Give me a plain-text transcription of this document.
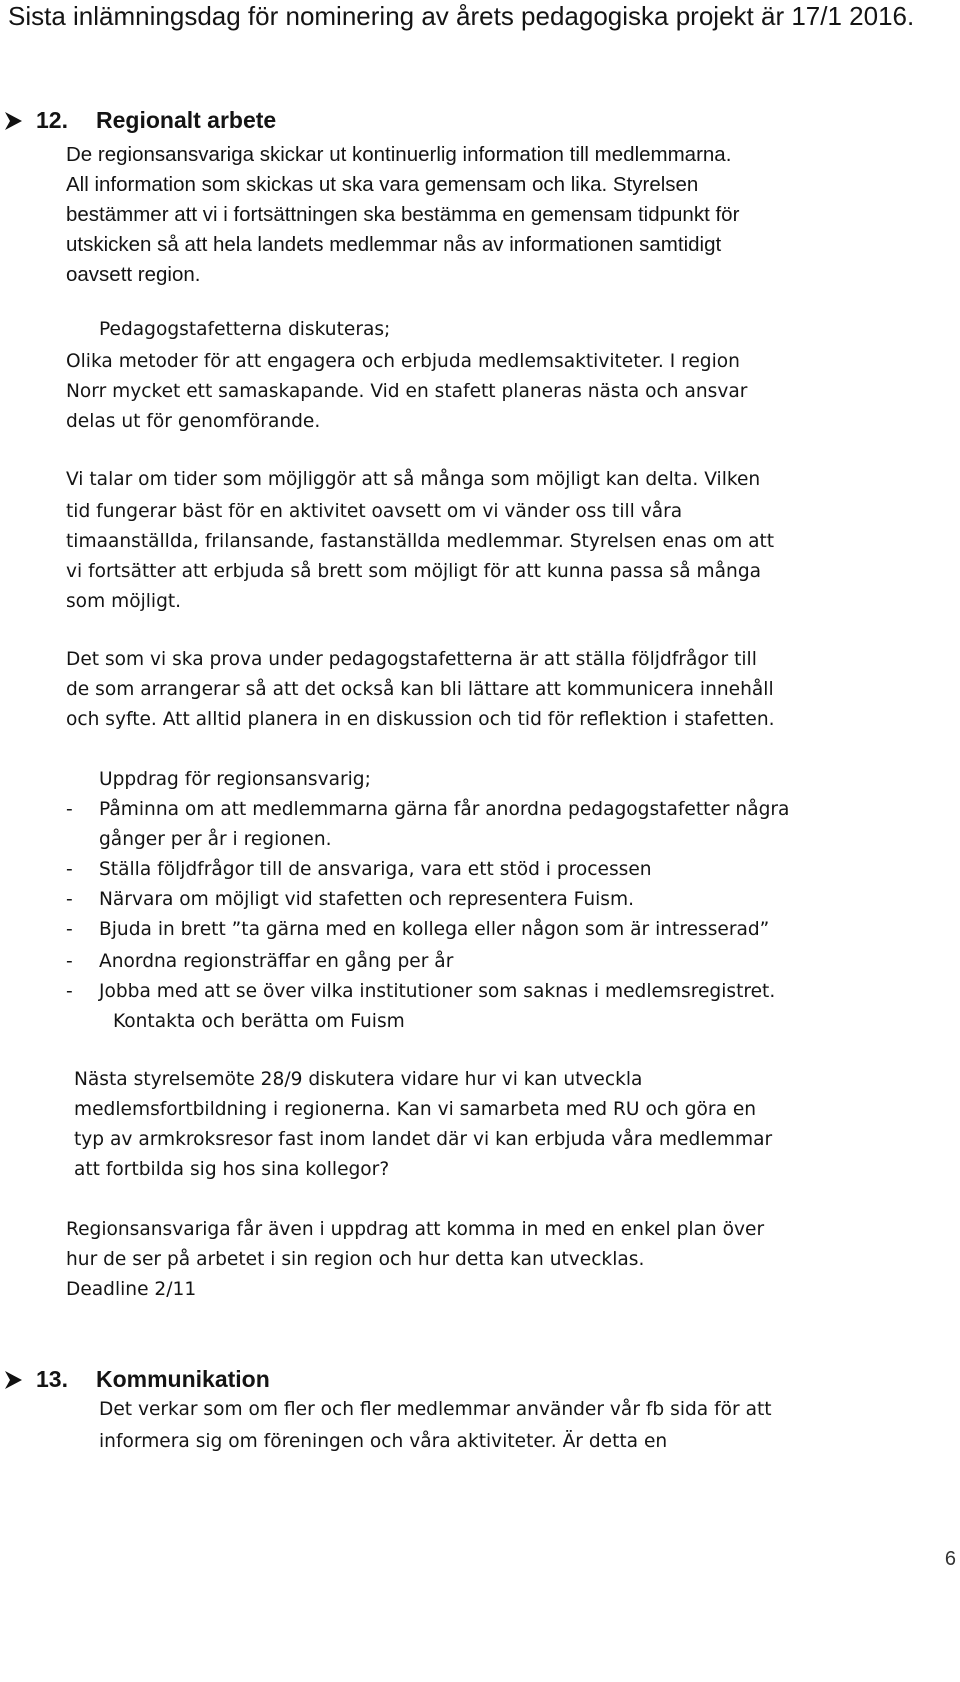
Sista inlämningsdag för nominering av årets pedagogiska projekt är 17/1 2016.
12. Regionalt arbete
De regionsansvariga skickar ut kontinuerlig information till medlemmarna.
All information som skickas ut ska vara gemensam och lika. Styrelsen
bestämmer att vi i fortsättningen ska bestämma en gemensam tidpunkt för
utskicken så att hela landets medlemmar nås av informationen samtidigt
oavsett region.
Pedagogstafetterna diskuteras;
Olika metoder för att engagera och erbjuda medlemsaktiviteter. I region
Norr mycket ett samaskapande. Vid en stafett planeras nästa och ansvar
delas ut för genomförande.
Vi talar om tider som möjliggör att så många som möjligt kan delta. Vilken
tid fungerar bäst för en aktivitet oavsett om vi vänder oss till våra
timaanställda, frilansande, fastanställda medlemmar. Styrelsen enas om att
vi fortsätter att erbjuda så brett som möjligt för att kunna passa så många
som möjligt.
Det som vi ska prova under pedagogstafetterna är att ställa följdfrågor till
de som arrangerar så att det också kan bli lättare att kommunicera innehåll
och syfte. Att alltid planera in en diskussion och tid för reflektion i stafetten.
Uppdrag för regionsansvarig;
- Påminna om att medlemmarna gärna får anordna pedagogstafetter några
gånger per år i regionen.
- Ställa följdfrågor till de ansvariga, vara ett stöd i processen
- Närvara om möjligt vid stafetten och representera Fuism.
- Bjuda in brett ”ta gärna med en kollega eller någon som är intresserad”
- Anordna regionsträffar en gång per år
- Jobba med att se över vilka institutioner som saknas i medlemsregistret.
Kontakta och berätta om Fuism
Nästa styrelsemöte 28/9 diskutera vidare hur vi kan utveckla
medlemsfortbildning i regionerna. Kan vi samarbeta med RU och göra en
typ av armkroksresor fast inom landet där vi kan erbjuda våra medlemmar
att fortbilda sig hos sina kollegor?
Regionsansvariga får även i uppdrag att komma in med en enkel plan över
hur de ser på arbetet i sin region och hur detta kan utvecklas.
Deadline 2/11
13. Kommunikation
Det verkar som om fler och fler medlemmar använder vår fb sida för att
informera sig om föreningen och våra aktiviteter. Är detta en
6
